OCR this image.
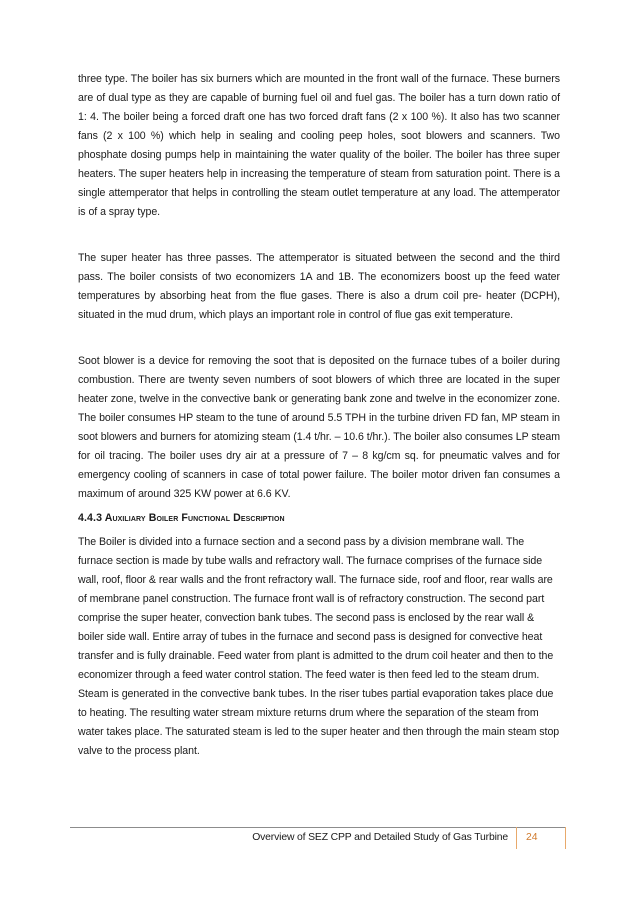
three type. The boiler has six burners which are mounted in the front wall of the furnace. These burners are of dual type as they are capable of burning fuel oil and fuel gas. The boiler has a turn down ratio of 1: 4. The boiler being a forced draft one has two forced draft fans (2 x 100 %). It also has two scanner fans (2 x 100 %) which help in sealing and cooling peep holes, soot blowers and scanners. Two phosphate dosing pumps help in maintaining the water quality of the boiler. The boiler has three super heaters. The super heaters help in increasing the temperature of steam from saturation point. There is a single attemperator that helps in controlling the steam outlet temperature at any load. The attemperator is of a spray type.

The super heater has three passes. The attemperator is situated between the second and the third pass. The boiler consists of two economizers 1A and 1B. The economizers boost up the feed water temperatures by absorbing heat from the flue gases. There is also a drum coil pre- heater (DCPH), situated in the mud drum, which plays an important role in control of flue gas exit temperature.

Soot blower is a device for removing the soot that is deposited on the furnace tubes of a boiler during combustion. There are twenty seven numbers of soot blowers of which three are located in the super heater zone, twelve in the convective bank or generating bank zone and twelve in the economizer zone. The boiler consumes HP steam to the tune of around 5.5 TPH in the turbine driven FD fan, MP steam in soot blowers and burners for atomizing steam (1.4 t/hr. – 10.6 t/hr.). The boiler also consumes LP steam for oil tracing. The boiler uses dry air at a pressure of 7 – 8 kg/cm sq. for pneumatic valves and for emergency cooling of scanners in case of total power failure. The boiler motor driven fan consumes a maximum of around 325 KW power at 6.6 KV.

4.4.3 Auxiliary Boiler Functional Description

The Boiler is divided into a furnace section and a second pass by a division membrane wall. The furnace section is made by tube walls and refractory wall. The furnace comprises of the furnace side wall, roof, floor & rear walls and the front refractory wall. The furnace side, roof and floor, rear walls are of membrane panel construction. The furnace front wall is of refractory construction. The second part comprise the super heater, convection bank tubes. The second pass is enclosed by the rear wall & boiler side wall. Entire array of tubes in the furnace and second pass is designed for convective heat transfer and is fully drainable. Feed water from plant is admitted to the drum coil heater and then to the economizer through a feed water control station. The feed water is then feed led to the steam drum. Steam is generated in the convective bank tubes. In the riser tubes partial evaporation takes place due to heating. The resulting water stream mixture returns drum where the separation of the steam from water takes place. The saturated steam is led to the super heater and then through the main steam stop valve to the process plant.

Overview of SEZ CPP and Detailed Study of Gas Turbine 24
